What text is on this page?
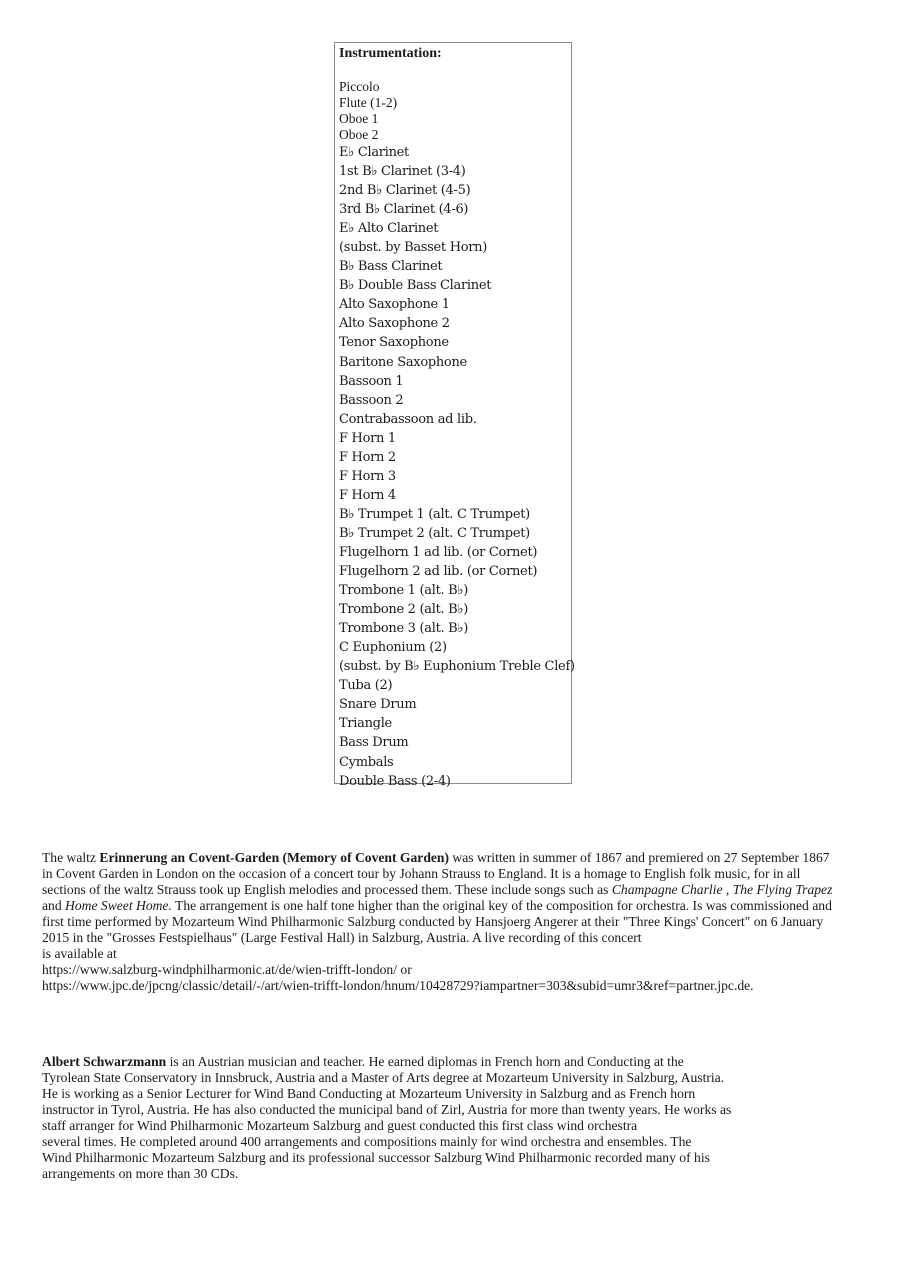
Instrumentation:

Piccolo
Flute (1-2)
Oboe 1
Oboe 2
E♭ Clarinet
1st B♭ Clarinet (3-4)
2nd B♭ Clarinet (4-5)
3rd B♭ Clarinet (4-6)
E♭ Alto Clarinet
(subst. by Basset Horn)
B♭ Bass Clarinet
B♭ Double Bass Clarinet
Alto Saxophone 1
Alto Saxophone 2
Tenor Saxophone
Baritone Saxophone
Bassoon 1
Bassoon 2
Contrabassoon ad lib.
F Horn 1
F Horn 2
F Horn 3
F Horn 4
B♭ Trumpet 1 (alt. C Trumpet)
B♭ Trumpet 2 (alt. C Trumpet)
Flugelhorn 1 ad lib. (or Cornet)
Flugelhorn 2 ad lib. (or Cornet)
Trombone 1 (alt. B♭)
Trombone 2 (alt. B♭)
Trombone 3 (alt. B♭)
C Euphonium (2)
(subst. by B♭ Euphonium Treble Clef)
Tuba (2)
Snare Drum
Triangle
Bass Drum
Cymbals
Double Bass (2-4)

The waltz Erinnerung an Covent-Garden (Memory of Covent Garden) was written in summer of 1867 and premiered on 27 September 1867
in Covent Garden in London on the occasion of a concert tour by Johann Strauss to England. It is a homage to English folk music, for in all
sections of the waltz Strauss took up English melodies and processed them. These include songs such as Champagne Charlie , The Flying Trapez
and Home Sweet Home. The arrangement is one half tone higher than the original key of the composition for orchestra. Is was commissioned and
first time performed by Mozarteum Wind Philharmonic Salzburg conducted by Hansjoerg Angerer at their "Three Kings' Concert" on 6 January
2015 in the "Grosses Festspielhaus" (Large Festival Hall) in Salzburg, Austria. A live recording of this concert
is available at
https://www.salzburg-windphilharmonic.at/de/wien-trifft-london/ or
https://www.jpc.de/jpcng/classic/detail/-/art/wien-trifft-london/hnum/10428729?iampartner=303&subid=umr3&ref=partner.jpc.de.

Albert Schwarzmann is an Austrian musician and teacher. He earned diplomas in French horn and Conducting at the
Tyrolean State Conservatory in Innsbruck, Austria and a Master of Arts degree at Mozarteum University in Salzburg, Austria.
He is working as a Senior Lecturer for Wind Band Conducting at Mozarteum University in Salzburg and as French horn
instructor in Tyrol, Austria. He has also conducted the municipal band of Zirl, Austria for more than twenty years. He works as
staff arranger for Wind Philharmonic Mozarteum Salzburg and guest conducted this first class wind orchestra
several times. He completed around 400 arrangements and compositions mainly for wind orchestra and ensembles. The
Wind Philharmonic Mozarteum Salzburg and its professional successor Salzburg Wind Philharmonic recorded many of his
arrangements on more than 30 CDs.
